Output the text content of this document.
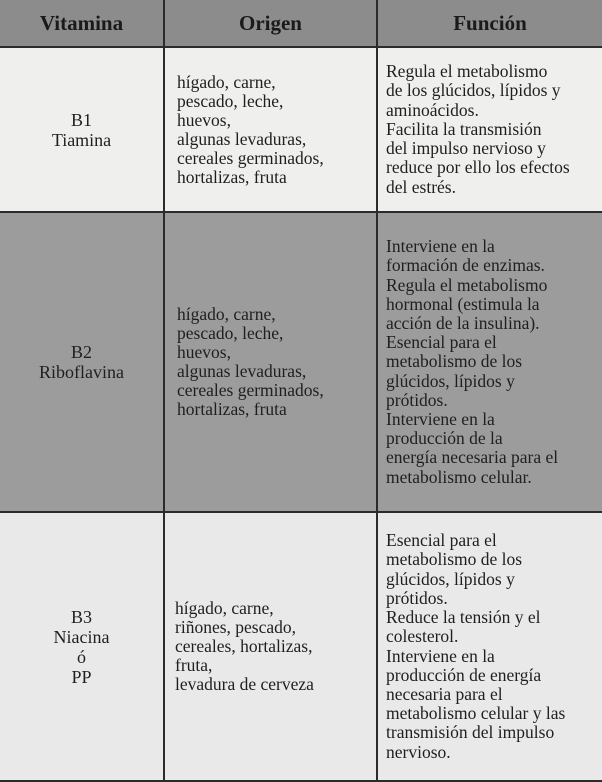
Vitamina	Origen	Función
B1
Tiamina
hígado, carne,
pescado, leche,
huevos,
algunas levaduras,
cereales germinados,
hortalizas, fruta
Regula el metabolismo
de los glúcidos, lípidos y
aminoácidos.
Facilita la transmisión
del impulso nervioso y
reduce por ello los efectos
del estrés.
B2
Riboflavina
hígado, carne,
pescado, leche,
huevos,
algunas levaduras,
cereales germinados,
hortalizas, fruta
Interviene en la
formación de enzimas.
Regula el metabolismo
hormonal (estimula la
acción de la insulina).
Esencial para el
metabolismo de los
glúcidos, lípidos y
prótidos.
Interviene en la
producción de la
energía necesaria para el
metabolismo celular.
B3
Niacina
ó
PP
hígado, carne,
riñones, pescado,
cereales, hortalizas,
fruta,
levadura de cerveza
Esencial para el
metabolismo de los
glúcidos, lípidos y
prótidos.
Reduce la tensión y el
colesterol.
Interviene en la
producción de energía
necesaria para el
metabolismo celular y las
transmisión del impulso
nervioso.
